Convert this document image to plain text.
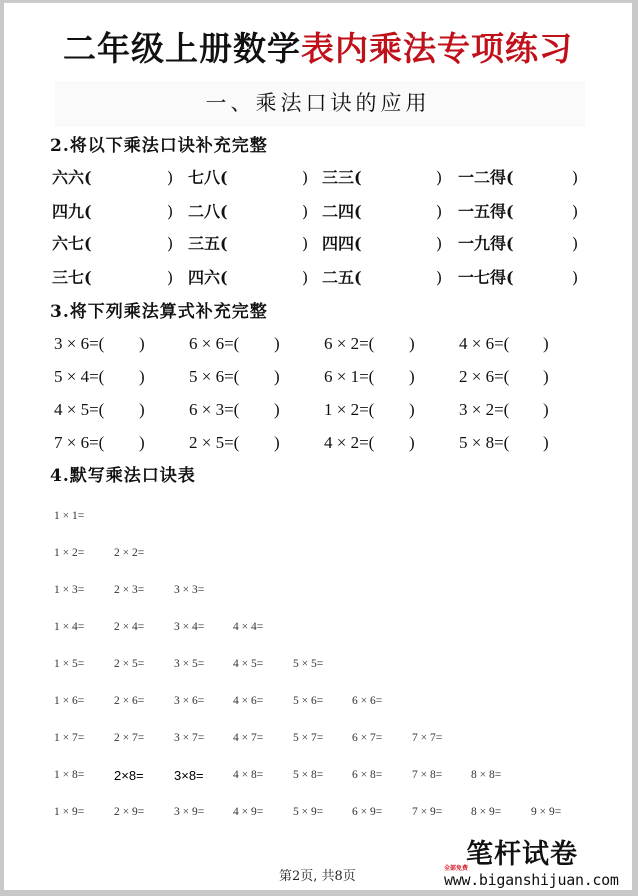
二年级上册数学表内乘法专项练习
一、乘法口诀的应用
2.将以下乘法口诀补充完整
六六(	) 七八(	) 三三(	) 一二得(	)
四九(	) 二八(	) 二四(	) 一五得(	)
六七(	) 三五(	) 四四(	) 一九得(	)
三七(	) 四六(	) 二五(	) 一七得(	)
3.将下列乘法算式补充完整
3 × 6=( )	6 × 6=( )	6 × 2=( )	4 × 6=( )
5 × 4=( )	5 × 6=( )	6 × 1=( )	2 × 6=( )
4 × 5=( )	6 × 3=( )	1 × 2=( )	3 × 2=( )
7 × 6=( )	2 × 5=( )	4 × 2=( )	5 × 8=( )
4.默写乘法口诀表
1 × 1=
1 × 2=	2 × 2=
1 × 3=	2 × 3=	3 × 3=
1 × 4=	2 × 4=	3 × 4=	4 × 4=
1 × 5=	2 × 5=	3 × 5=	4 × 5=	5 × 5=
1 × 6=	2 × 6=	3 × 6=	4 × 6=	5 × 6=	6 × 6=
1 × 7=	2 × 7=	3 × 7=	4 × 7=	5 × 7=	6 × 7=	7 × 7=
1 × 8= 2×8= 3×8=	4 × 8=	5 × 8=	6 × 8=	7 × 8=	8 × 8=
1 × 9=	2 × 9=	3 × 9=	4 × 9=	5 × 9=	6 × 9=	7 × 9=	8 × 9=	9 × 9=
第2页, 共8页
全部免费
笔杆试卷
www.biganshijuan.com
